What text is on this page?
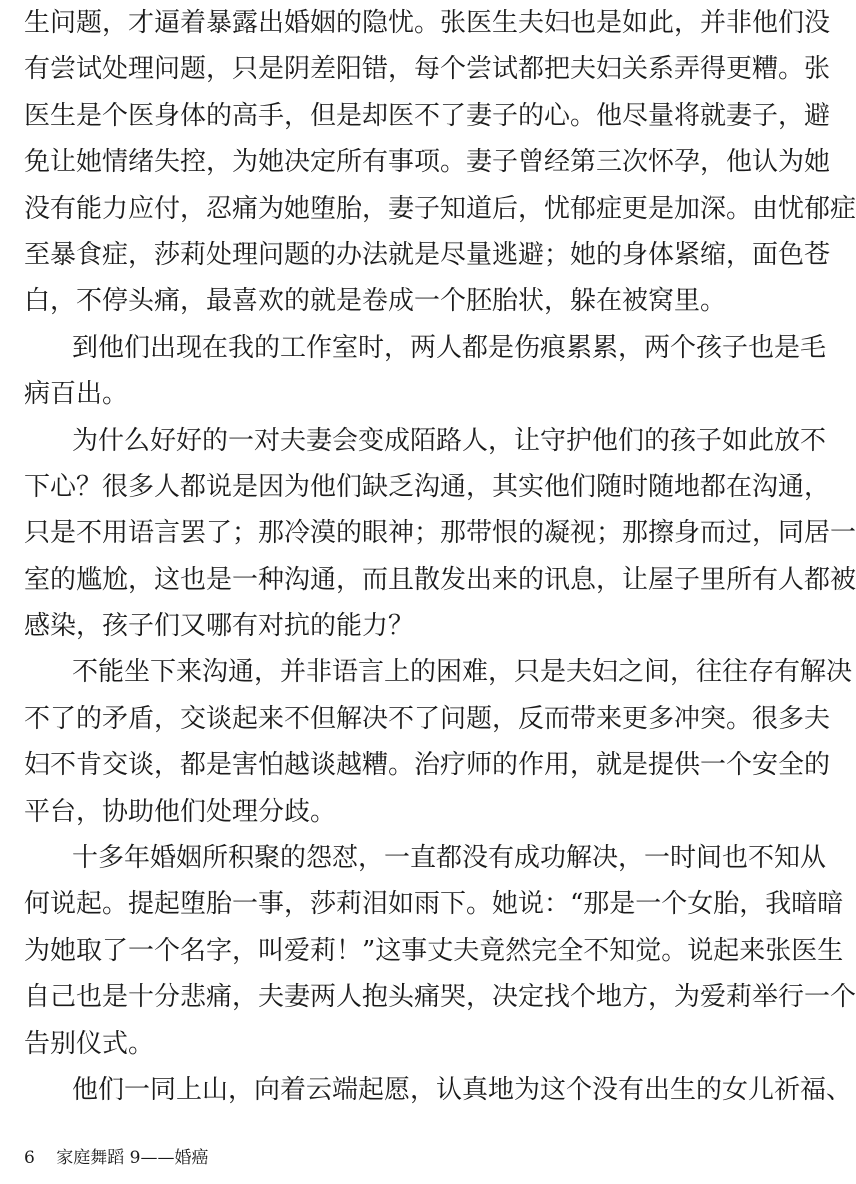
生问题，才逼着暴露出婚姻的隐忧。张医生夫妇也是如此，并非他们没
有尝试处理问题，只是阴差阳错，每个尝试都把夫妇关系弄得更糟。张
医生是个医身体的高手，但是却医不了妻子的心。他尽量将就妻子，避
免让她情绪失控，为她决定所有事项。妻子曾经第三次怀孕，他认为她
没有能力应付，忍痛为她堕胎，妻子知道后，忧郁症更是加深。由忧郁症
至暴食症，莎莉处理问题的办法就是尽量逃避；她的身体紧缩，面色苍
白，不停头痛，最喜欢的就是卷成一个胚胎状，躲在被窝里。
到他们出现在我的工作室时，两人都是伤痕累累，两个孩子也是毛
病百出。
为什么好好的一对夫妻会变成陌路人，让守护他们的孩子如此放不
下心？很多人都说是因为他们缺乏沟通，其实他们随时随地都在沟通，
只是不用语言罢了；那冷漠的眼神；那带恨的凝视；那擦身而过，同居一
室的尴尬，这也是一种沟通，而且散发出来的讯息，让屋子里所有人都被
感染，孩子们又哪有对抗的能力？
不能坐下来沟通，并非语言上的困难，只是夫妇之间，往往存有解决
不了的矛盾，交谈起来不但解决不了问题，反而带来更多冲突。很多夫
妇不肯交谈，都是害怕越谈越糟。治疗师的作用，就是提供一个安全的
平台，协助他们处理分歧。
十多年婚姻所积聚的怨怼，一直都没有成功解决，一时间也不知从
何说起。提起堕胎一事，莎莉泪如雨下。她说：“那是一个女胎，我暗暗
为她取了一个名字，叫爱莉！”这事丈夫竟然完全不知觉。说起来张医生
自己也是十分悲痛，夫妻两人抱头痛哭，决定找个地方，为爱莉举行一个
告别仪式。
他们一同上山，向着云端起愿，认真地为这个没有出生的女儿祈福、
6 家庭舞蹈 9——婚癌
